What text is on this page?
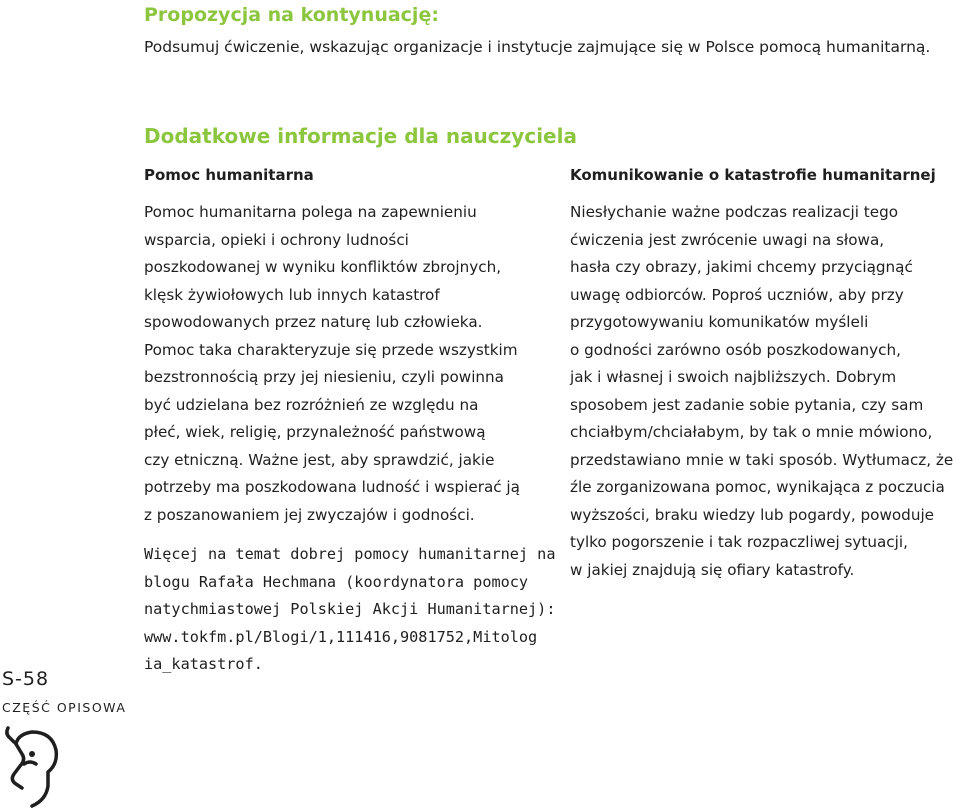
Propozycja na kontynuację:
Podsumuj ćwiczenie, wskazując organizacje i instytucje zajmujące się w Polsce pomocą humanitarną.
Dodatkowe informacje dla nauczyciela
Pomoc humanitarna	Komunikowanie o katastrofie humanitarnej
Pomoc humanitarna polega na zapewnieniu
wsparcia, opieki i ochrony ludności
poszkodowanej w wyniku konfliktów zbrojnych,
klęsk żywiołowych lub innych katastrof
spowodowanych przez naturę lub człowieka.
Pomoc taka charakteryzuje się przede wszystkim
bezstronnością przy jej niesieniu, czyli powinna
być udzielana bez rozróżnień ze względu na
płeć, wiek, religię, przynależność państwową
czy etniczną. Ważne jest, aby sprawdzić, jakie
potrzeby ma poszkodowana ludność i wspierać ją
z poszanowaniem jej zwyczajów i godności.
Więcej na temat dobrej pomocy humanitarnej na
blogu Rafała Hechmana (koordynatora pomocy
natychmiastowej Polskiej Akcji Humanitarnej):
www.tokfm.pl/Blogi/1,111416,9081752,Mitolog
ia_katastrof.
Niesłychanie ważne podczas realizacji tego
ćwiczenia jest zwrócenie uwagi na słowa,
hasła czy obrazy, jakimi chcemy przyciągnąć
uwagę odbiorców. Poproś uczniów, aby przy
przygotowywaniu komunikatów myśleli
o godności zarówno osób poszkodowanych,
jak i własnej i swoich najbliższych. Dobrym
sposobem jest zadanie sobie pytania, czy sam
chciałbym/chciałabym, by tak o mnie mówiono,
przedstawiano mnie w taki sposób. Wytłumacz, że
źle zorganizowana pomoc, wynikająca z poczucia
wyższości, braku wiedzy lub pogardy, powoduje
tylko pogorszenie i tak rozpaczliwej sytuacji,
w jakiej znajdują się ofiary katastrofy.
S-58
CZĘŚĆ OPISOWA
